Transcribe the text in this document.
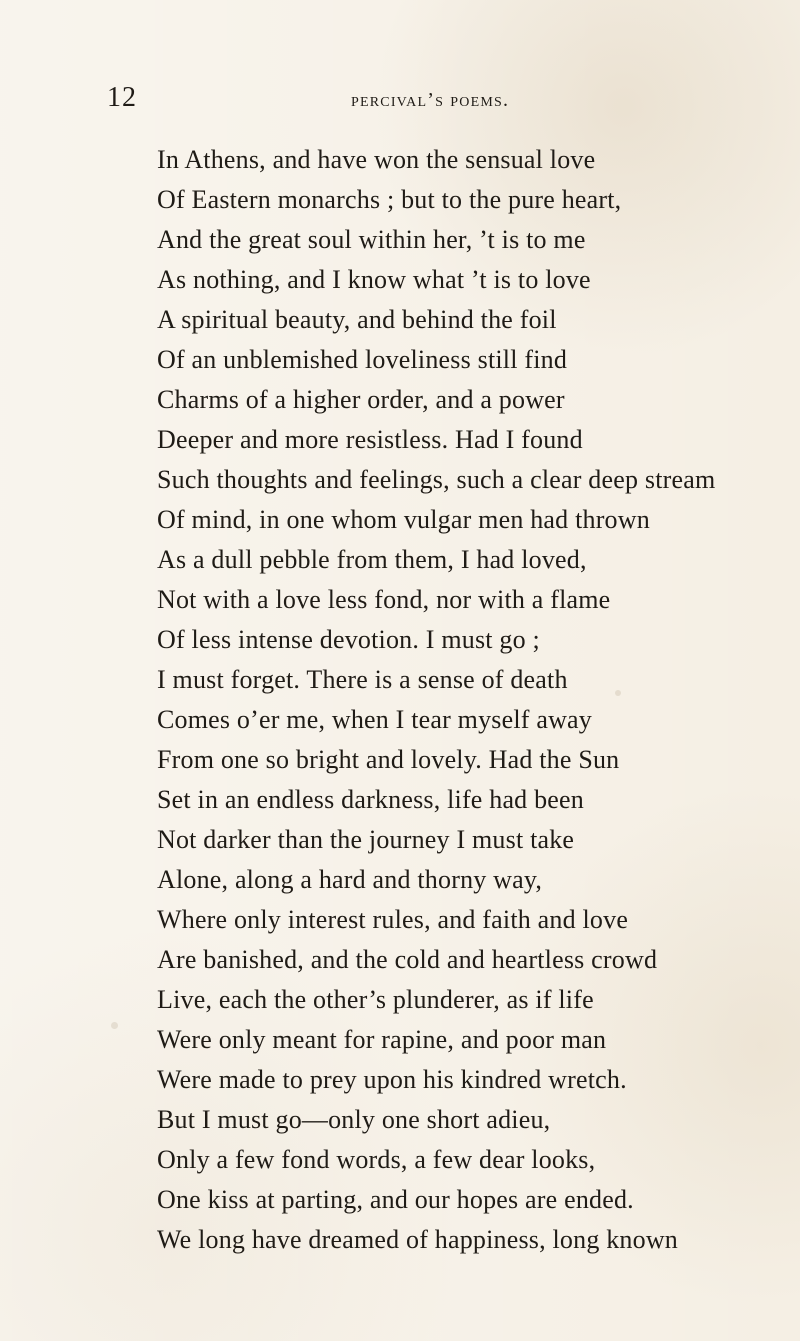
12	percival’s poems.
In Athens, and have won the sensual love
Of Eastern monarchs ; but to the pure heart,
And the great soul within her, ’t is to me
As nothing, and I know what ’t is to love
A spiritual beauty, and behind the foil
Of an unblemished loveliness still find
Charms of a higher order, and a power
Deeper and more resistless. Had I found
Such thoughts and feelings, such a clear deep stream
Of mind, in one whom vulgar men had thrown
As a dull pebble from them, I had loved,
Not with a love less fond, nor with a flame
Of less intense devotion. I must go ;
I must forget. There is a sense of death
Comes o’er me, when I tear myself away
From one so bright and lovely. Had the Sun
Set in an endless darkness, life had been
Not darker than the journey I must take
Alone, along a hard and thorny way,
Where only interest rules, and faith and love
Are banished, and the cold and heartless crowd
Live, each the other’s plunderer, as if life
Were only meant for rapine, and poor man
Were made to prey upon his kindred wretch.
But I must go—only one short adieu,
Only a few fond words, a few dear looks,
One kiss at parting, and our hopes are ended.
We long have dreamed of happiness, long known
